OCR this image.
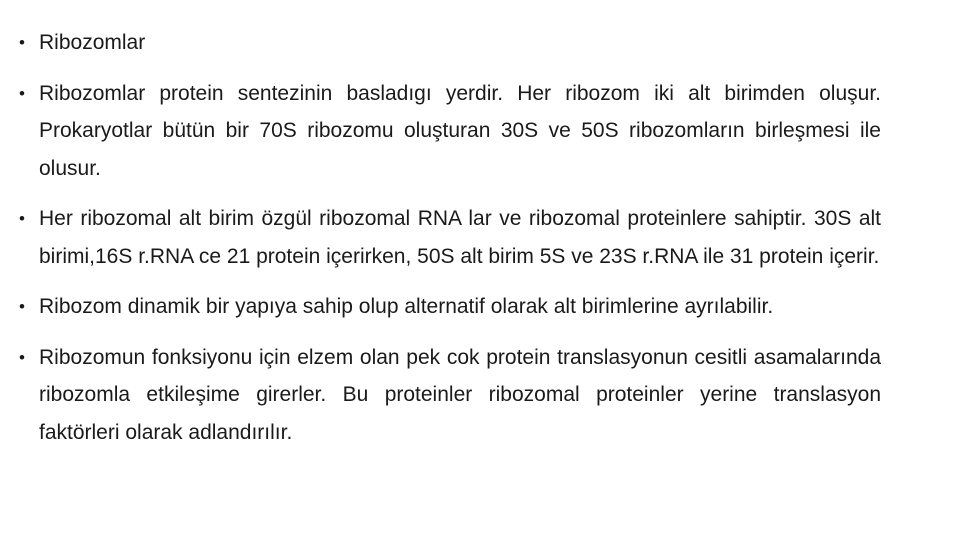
• Ribozomlar
• Ribozomlar protein sentezinin basladıgı yerdir. Her ribozom iki alt birimden oluşur. Prokaryotlar bütün bir 70S ribozomu oluşturan 30S ve 50S ribozomların birleşmesi ile olusur.
• Her ribozomal alt birim özgül ribozomal RNA lar ve ribozomal proteinlere sahiptir. 30S alt birimi,16S r.RNA ce 21 protein içerirken, 50S alt birim 5S ve 23S r.RNA ile 31 protein içerir.
• Ribozom dinamik bir yapıya sahip olup alternatif olarak alt birimlerine ayrılabilir.
• Ribozomun fonksiyonu için elzem olan pek cok protein translasyonun cesitli asamalarında ribozomla etkileşime girerler. Bu proteinler ribozomal proteinler yerine translasyon faktörleri olarak adlandırılır.
